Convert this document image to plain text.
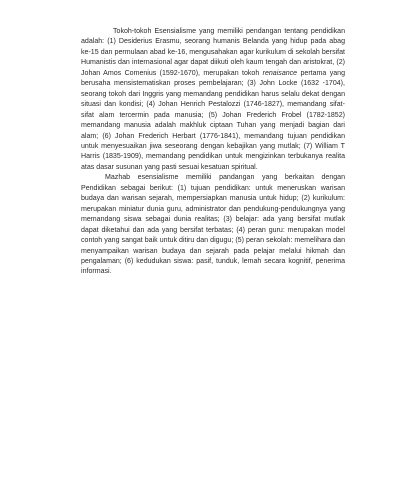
Tokoh-tokoh Esensialisme yang memiliki pendangan tentang pendidikan adalah: (1) Desiderius Erasmu, seorang humanis Belanda yang hidup pada abag ke-15 dan permulaan abad ke-16, mengusahakan agar kurikulum di sekolah bersifat Humanistis dan internasional agar dapat diikuti oleh kaum tengah dan aristokrat, (2) Johan Amos Comenius (1592-1670), merupakan tokoh renaisance pertama yang berusaha mensistematiskan proses pembelajaran; (3) John Locke (1632 -1704), seorang tokoh dari Inggris yang memandang pendidikan harus selalu dekat dengan situasi dan kondisi; (4) Johan Henrich Pestalozzi (1746-1827), memandang sifat-sifat alam tercermin pada manusia; (5) Johan Frederich Frobel (1782-1852) memandang manusia adalah makhluk ciptaan Tuhan yang menjadi bagian dari alam; (6) Johan Frederich Herbart (1776-1841), memandang tujuan pendidikan untuk menyesuaikan jiwa seseorang dengan kebajikan yang mutlak; (7) William T Harris (1835-1909), memandang pendidikan untuk mengizinkan terbukanya realita atas dasar susunan yang pasti sesuai kesatuan spiritual.

Mazhab esensialisme memiliki pandangan yang berkaitan dengan Pendidikan sebagai berikut: (1) tujuan pendidikan: untuk meneruskan warisan budaya dan warisan sejarah, mempersiapkan manusia untuk hidup; (2) kurikulum: merupakan miniatur dunia guru, administrator dan pendukung-pendukungnya yang memandang siswa sebagai dunia realitas; (3) belajar: ada yang bersifat mutlak dapat diketahui dan ada yang bersifat terbatas; (4) peran guru: merupakan model contoh yang sangat baik untuk ditiru dan digugu; (5) peran sekolah: memelihara dan menyampaikan warisan budaya dan sejarah pada pelajar melalui hikmah dan pengalaman; (6) kedudukan siswa: pasif, tunduk, lemah secara kognitif, penerima informasi.
